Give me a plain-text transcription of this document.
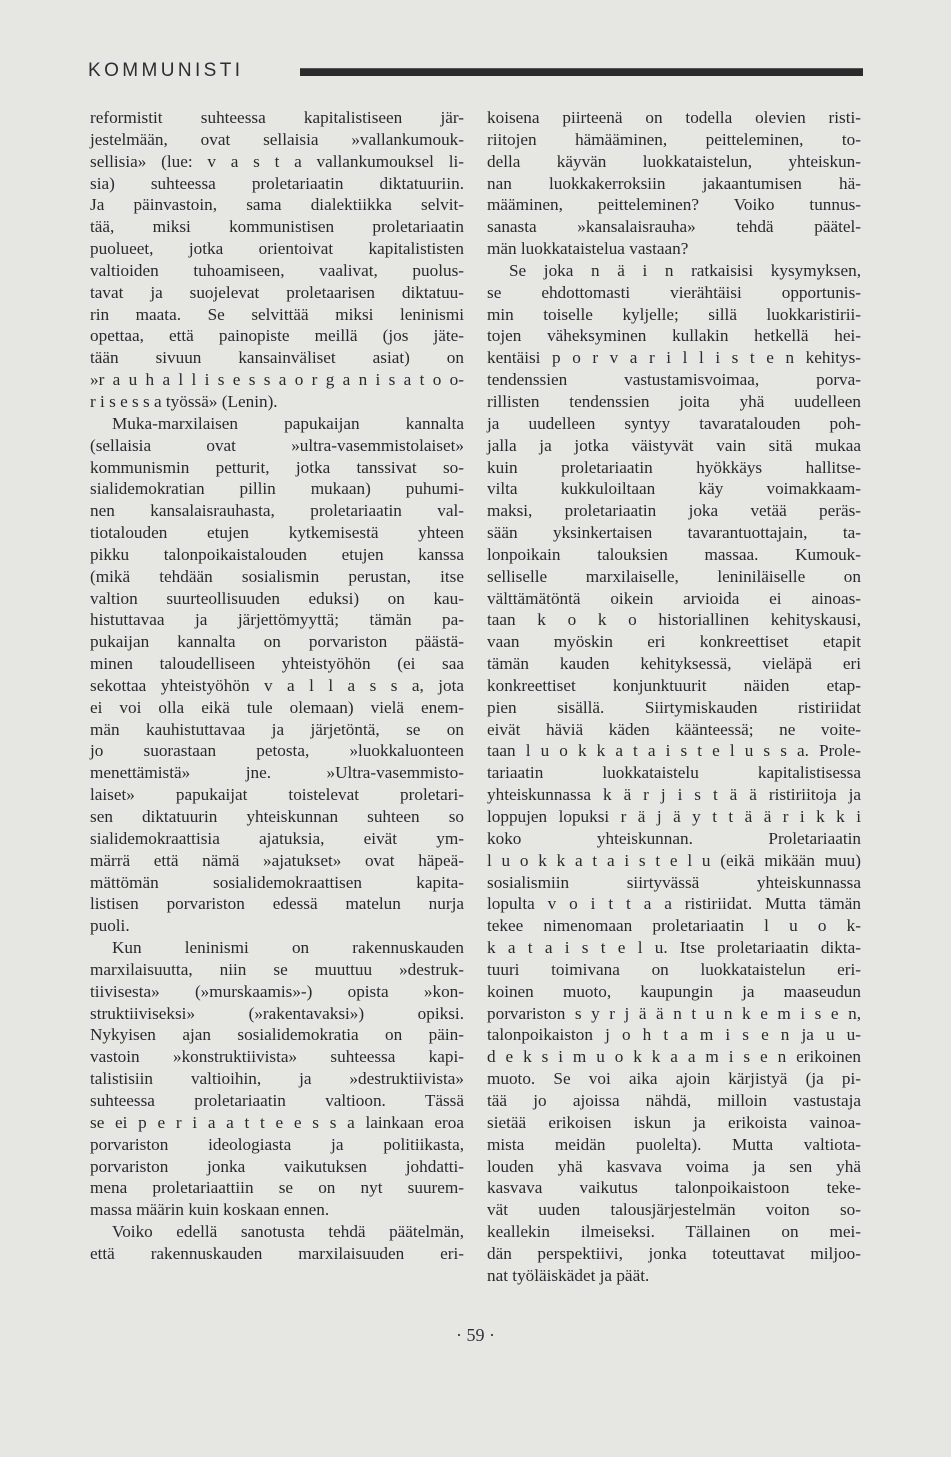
KOMMUNISTI
reformistit suhteessa kapitalistiseen jär-
jestelmään, ovat sellaisia »vallankumouk-
sellisia» (lue: v a s t a vallankumouksel li-
sia) suhteessa proletariaatin diktatuuriin.
Ja päinvastoin, sama dialektiikka selvit-
tää, miksi kommunistisen proletariaatin
puolueet, jotka orientoivat kapitalististen
valtioiden tuhoamiseen, vaalivat, puolus-
tavat ja suojelevat proletaarisen diktatuu-
rin maata. Se selvittää miksi leninismi
opettaa, että painopiste meillä (jos jäte-
tään sivuun kansainväliset asiat) on
»r a u h a l l i s e s s a o r g a n i s a t o o-
r i s e s s a työssä» (Lenin).
Muka-marxilaisen papukaijan kannalta
(sellaisia ovat »ultra-vasemmistolaiset»
kommunismin petturit, jotka tanssivat so-
sialidemokratian pillin mukaan) puhumi-
nen kansalaisrauhasta, proletariaatin val-
tiotalouden etujen kytkemisestä yhteen
pikku talonpoikaistalouden etujen kanssa
(mikä tehdään sosialismin perustan, itse
valtion suurteollisuuden eduksi) on kau-
histuttavaa ja järjettömyyttä; tämän pa-
pukaijan kannalta on porvariston päästä-
minen taloudelliseen yhteistyöhön (ei saa
sekottaa yhteistyöhön v a l l a s s a, jota
ei voi olla eikä tule olemaan) vielä enem-
män kauhistuttavaa ja järjetöntä, se on
jo suorastaan petosta, »luokkaluonteen
menettämistä» jne. »Ultra-vasemmisto-
laiset» papukaijat toistelevat proletari-
sen diktatuurin yhteiskunnan suhteen so
sialidemokraattisia ajatuksia, eivät ym-
märrä että nämä »ajatukset» ovat häpeä-
mättömän sosialidemokraattisen kapita-
listisen porvariston edessä matelun nurja
puoli.
Kun leninismi on rakennuskauden
marxilaisuutta, niin se muuttuu »destruk-
tiivisesta» (»murskaamis»-) opista »kon-
struktiiviseksi» (»rakentavaksi») opiksi.
Nykyisen ajan sosialidemokratia on päin-
vastoin »konstruktiivista» suhteessa kapi-
talistisiin valtioihin, ja »destruktiivista»
suhteessa proletariaatin valtioon. Tässä
se ei p e r i a a t t e e s s a lainkaan eroa
porvariston ideologiasta ja politiikasta,
porvariston jonka vaikutuksen johdatti-
mena proletariaattiin se on nyt suurem-
massa määrin kuin koskaan ennen.
Voiko edellä sanotusta tehdä päätelmän,
että rakennuskauden marxilaisuuden eri-
koisena piirteenä on todella olevien risti-
riitojen hämääminen, peitteleminen, to-
della käyvän luokkataistelun, yhteiskun-
nan luokkakerroksiin jakaantumisen hä-
määminen, peitteleminen? Voiko tunnus-
sanasta »kansalaisrauha» tehdä päätel-
män luokkataistelua vastaan?
Se joka n ä i n ratkaisisi kysymyksen,
se ehdottomasti vierähtäisi opportunis-
min toiselle kyljelle; sillä luokkaristirii-
tojen väheksyminen kullakin hetkellä hei-
kentäisi p o r v a r i l l i s t e n kehitys-
tendenssien vastustamisvoimaa, porva-
rillisten tendenssien joita yhä uudelleen
ja uudelleen syntyy tavaratalouden poh-
jalla ja jotka väistyvät vain sitä mukaa
kuin proletariaatin hyökkäys hallitse-
vilta kukkuloiltaan käy voimakkaam-
maksi, proletariaatin joka vetää peräs-
sään yksinkertaisen tavarantuottajain, ta-
lonpoikain talouksien massaa. Kumouk-
selliselle marxilaiselle, leniniläiselle on
välttämätöntä oikein arvioida ei ainoas-
taan k o k o historiallinen kehityskausi,
vaan myöskin eri konkreettiset etapit
tämän kauden kehityksessä, vieläpä eri
konkreettiset konjunktuurit näiden etap-
pien sisällä. Siirtymiskauden ristiriidat
eivät häviä käden käänteessä; ne voite-
taan l u o k k a t a i s t e l u s s a. Prole-
tariaatin luokkataistelu kapitalistisessa
yhteiskunnassa k ä r j i s t ä ä ristiriitoja ja
loppujen lopuksi r ä j ä y t t ä ä r i k k i
koko yhteiskunnan. Proletariaatin
l u o k k a t a i s t e l u (eikä mikään muu)
sosialismiin siirtyvässä yhteiskunnassa
lopulta v o i t t a a ristiriidat. Mutta tämän
tekee nimenomaan proletariaatin l u o k-
k a t a i s t e l u. Itse proletariaatin dikta-
tuuri toimivana on luokkataistelun eri-
koinen muoto, kaupungin ja maaseudun
porvariston s y r j ä ä n t u n k e m i s e n,
talonpoikaiston j o h t a m i s e n ja u u-
d e k s i m u o k k a a m i s e n erikoinen
muoto. Se voi aika ajoin kärjistyä (ja pi-
tää jo ajoissa nähdä, milloin vastustaja
sietää erikoisen iskun ja erikoista vainoa-
mista meidän puolelta). Mutta valtiota-
louden yhä kasvava voima ja sen yhä
kasvava vaikutus talonpoikaistoon teke-
vät uuden talousjärjestelmän voiton so-
keallekin ilmeiseksi. Tällainen on mei-
dän perspektiivi, jonka toteuttavat miljoo-
nat työläiskädet ja päät.
· 59 ·
